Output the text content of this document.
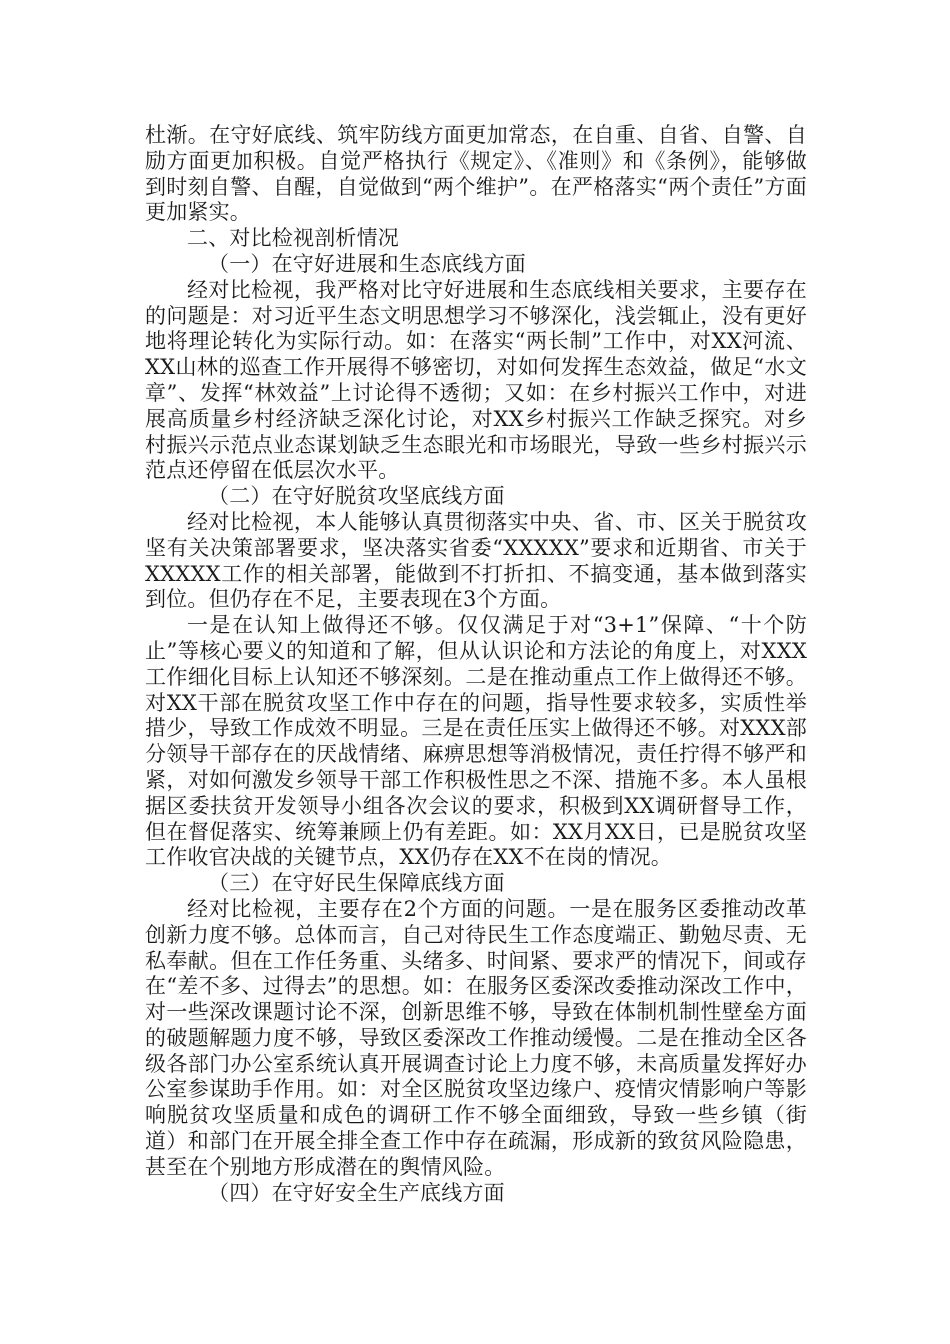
杜渐。在守好底线、筑牢防线方面更加常态，在自重、自省、自警、自励方面更加积极。自觉严格执行《规定》、《准则》和《条例》，能够做到时刻自警、自醒，自觉做到“两个维护”。在严格落实“两个责任”方面更加紧实。

二、对比检视剖析情况

（一）在守好进展和生态底线方面

经对比检视，我严格对比守好进展和生态底线相关要求，主要存在的问题是：对习近平生态文明思想学习不够深化，浅尝辄止，没有更好地将理论转化为实际行动。如：在落实“两长制”工作中，对XX河流、XX山林的巡查工作开展得不够密切，对如何发挥生态效益，做足“水文章”、发挥“林效益”上讨论得不透彻；又如：在乡村振兴工作中，对进展高质量乡村经济缺乏深化讨论，对XX乡村振兴工作缺乏探究。对乡村振兴示范点业态谋划缺乏生态眼光和市场眼光，导致一些乡村振兴示范点还停留在低层次水平。

（二）在守好脱贫攻坚底线方面

经对比检视，本人能够认真贯彻落实中央、省、市、区关于脱贫攻坚有关决策部署要求，坚决落实省委“XXXXX”要求和近期省、市关于XXXXX工作的相关部署，能做到不打折扣、不搞变通，基本做到落实到位。但仍存在不足，主要表现在3个方面。

一是在认知上做得还不够。仅仅满足于对“3+1”保障、“十个防止”等核心要义的知道和了解，但从认识论和方法论的角度上，对XXX工作细化目标上认知还不够深刻。二是在推动重点工作上做得还不够。对XX干部在脱贫攻坚工作中存在的问题，指导性要求较多，实质性举措少，导致工作成效不明显。三是在责任压实上做得还不够。对XXX部分领导干部存在的厌战情绪、麻痹思想等消极情况，责任拧得不够严和紧，对如何激发乡领导干部工作积极性思之不深、措施不多。本人虽根据区委扶贫开发领导小组各次会议的要求，积极到XX调研督导工作，但在督促落实、统筹兼顾上仍有差距。如：XX月XX日，已是脱贫攻坚工作收官决战的关键节点，XX仍存在XX不在岗的情况。

（三）在守好民生保障底线方面

经对比检视，主要存在2个方面的问题。一是在服务区委推动改革创新力度不够。总体而言，自己对待民生工作态度端正、勤勉尽责、无私奉献。但在工作任务重、头绪多、时间紧、要求严的情况下，间或存在“差不多、过得去”的思想。如：在服务区委深改委推动深改工作中，对一些深改课题讨论不深，创新思维不够，导致在体制机制性壁垒方面的破题解题力度不够，导致区委深改工作推动缓慢。二是在推动全区各级各部门办公室系统认真开展调查讨论上力度不够，未高质量发挥好办公室参谋助手作用。如：对全区脱贫攻坚边缘户、疫情灾情影响户等影响脱贫攻坚质量和成色的调研工作不够全面细致，导致一些乡镇（街道）和部门在开展全排全查工作中存在疏漏，形成新的致贫风险隐患，甚至在个别地方形成潜在的舆情风险。

（四）在守好安全生产底线方面
